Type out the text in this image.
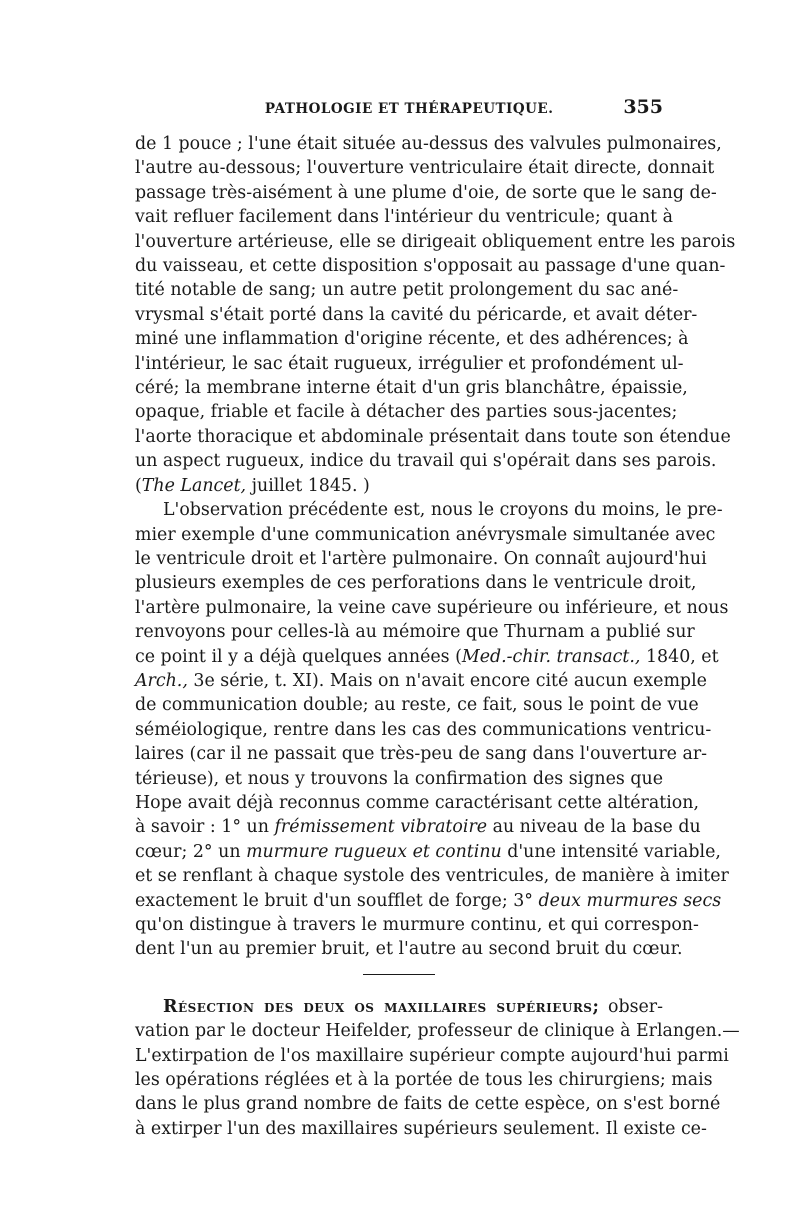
PATHOLOGIE ET THÉRAPEUTIQUE.	355
de 1 pouce ; l'une était située au-dessus des valvules pulmonaires,
l'autre au-dessous; l'ouverture ventriculaire était directe, donnait
passage très-aisément à une plume d'oie, de sorte que le sang de-
vait refluer facilement dans l'intérieur du ventricule; quant à
l'ouverture artérieuse, elle se dirigeait obliquement entre les parois
du vaisseau, et cette disposition s'opposait au passage d'une quan-
tité notable de sang; un autre petit prolongement du sac ané-
vrysmal s'était porté dans la cavité du péricarde, et avait déter-
miné une inflammation d'origine récente, et des adhérences; à
l'intérieur, le sac était rugueux, irrégulier et profondément ul-
céré; la membrane interne était d'un gris blanchâtre, épaissie,
opaque, friable et facile à détacher des parties sous-jacentes;
l'aorte thoracique et abdominale présentait dans toute son étendue
un aspect rugueux, indice du travail qui s'opérait dans ses parois.
(The Lancet, juillet 1845. )
L'observation précédente est, nous le croyons du moins, le pre-
mier exemple d'une communication anévrysmale simultanée avec
le ventricule droit et l'artère pulmonaire. On connaît aujourd'hui
plusieurs exemples de ces perforations dans le ventricule droit,
l'artère pulmonaire, la veine cave supérieure ou inférieure, et nous
renvoyons pour celles-là au mémoire que Thurnam a publié sur
ce point il y a déjà quelques années (Med.-chir. transact., 1840, et
Arch., 3e série, t. XI). Mais on n'avait encore cité aucun exemple
de communication double; au reste, ce fait, sous le point de vue
séméiologique, rentre dans les cas des communications ventricu-
laires (car il ne passait que très-peu de sang dans l'ouverture ar-
térieuse), et nous y trouvons la confirmation des signes que
Hope avait déjà reconnus comme caractérisant cette altération,
à savoir : 1° un frémissement vibratoire au niveau de la base du
cœur; 2° un murmure rugueux et continu d'une intensité variable,
et se renflant à chaque systole des ventricules, de manière à imiter
exactement le bruit d'un soufflet de forge; 3° deux murmures secs
qu'on distingue à travers le murmure continu, et qui correspon-
dent l'un au premier bruit, et l'autre au second bruit du cœur.
Résection des deux os maxillaires supérieurs; obser-
vation par le docteur Heifelder, professeur de clinique à Erlangen.—
L'extirpation de l'os maxillaire supérieur compte aujourd'hui parmi
les opérations réglées et à la portée de tous les chirurgiens; mais
dans le plus grand nombre de faits de cette espèce, on s'est borné
à extirper l'un des maxillaires supérieurs seulement. Il existe ce-
